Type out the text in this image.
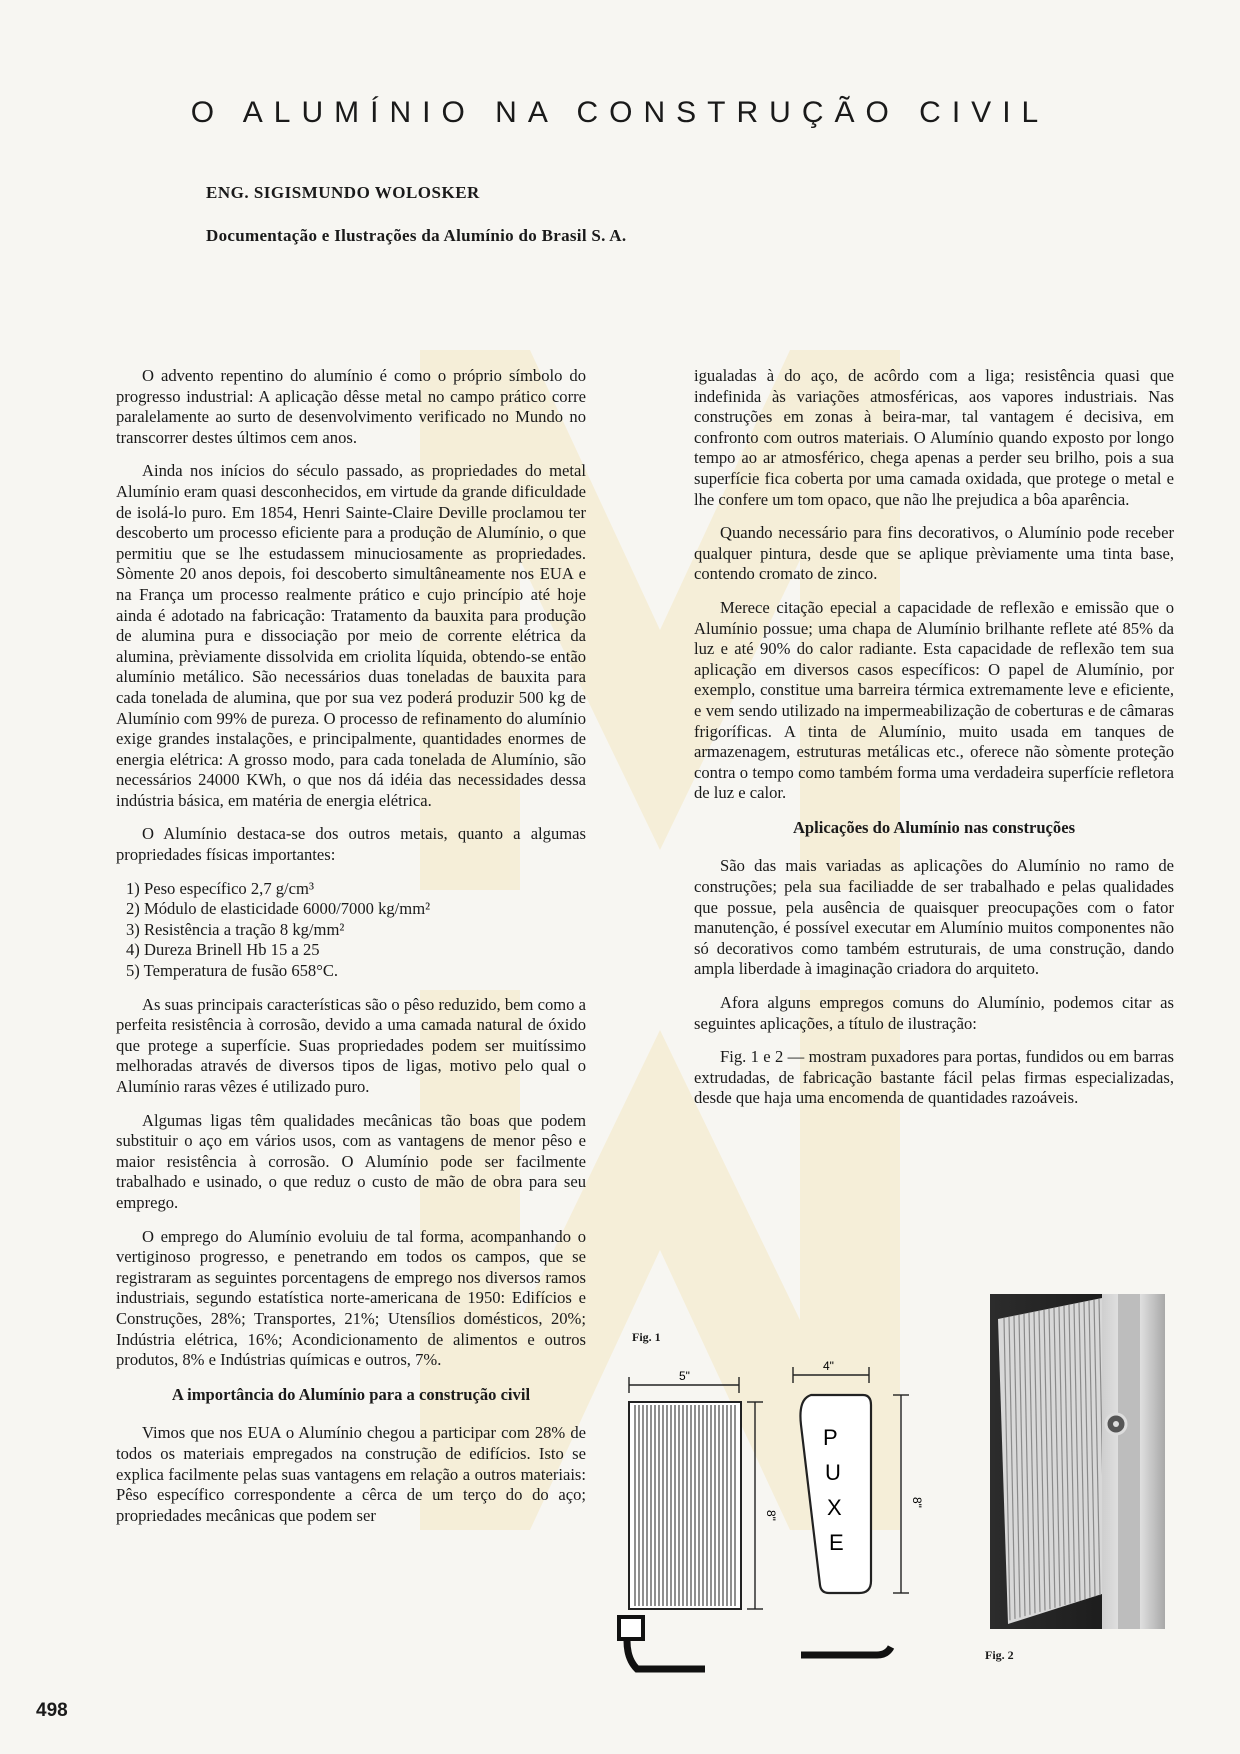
O ALUMÍNIO NA CONSTRUÇÃO CIVIL

ENG. SIGISMUNDO WOLOSKER

Documentação e Ilustrações da Alumínio do Brasil S. A.

O advento repentino do alumínio é como o próprio símbolo do progresso industrial: A aplicação dêsse metal no campo prático corre paralelamente ao surto de desenvolvimento verificado no Mundo no transcorrer destes últimos cem anos.

Ainda nos inícios do século passado, as propriedades do metal Alumínio eram quasi desconhecidos, em virtude da grande dificuldade de isolá-lo puro. Em 1854, Henri Sainte-Claire Deville proclamou ter descoberto um processo eficiente para a produção de Alumínio, o que permitiu que se lhe estudassem minuciosamente as propriedades. Sòmente 20 anos depois, foi descoberto simultâneamente nos EUA e na França um processo realmente prático e cujo princípio até hoje ainda é adotado na fabricação: Tratamento da bauxita para produção de alumina pura e dissociação por meio de corrente elétrica da alumina, prèviamente dissolvida em criolita líquida, obtendo-se então alumínio metálico. São necessários duas toneladas de bauxita para cada tonelada de alumina, que por sua vez poderá produzir 500 kg de Alumínio com 99% de pureza. O processo de refinamento do alumínio exige grandes instalações, e principalmente, quantidades enormes de energia elétrica: A grosso modo, para cada tonelada de Alumínio, são necessários 24000 KWh, o que nos dá idéia das necessidades dessa indústria básica, em matéria de energia elétrica.

O Alumínio destaca-se dos outros metais, quanto a algumas propriedades físicas importantes:

1) Peso específico 2,7 g/cm³
2) Módulo de elasticidade 6000/7000 kg/mm²
3) Resistência a tração 8 kg/mm²
4) Dureza Brinell Hb 15 a 25
5) Temperatura de fusão 658°C.

As suas principais características são o pêso reduzido, bem como a perfeita resistência à corrosão, devido a uma camada natural de óxido que protege a superfície. Suas propriedades podem ser muitíssimo melhoradas através de diversos tipos de ligas, motivo pelo qual o Alumínio raras vêzes é utilizado puro.

Algumas ligas têm qualidades mecânicas tão boas que podem substituir o aço em vários usos, com as vantagens de menor pêso e maior resistência à corrosão. O Alumínio pode ser facilmente trabalhado e usinado, o que reduz o custo de mão de obra para seu emprego.

O emprego do Alumínio evoluiu de tal forma, acompanhando o vertiginoso progresso, e penetrando em todos os campos, que se registraram as seguintes porcentagens de emprego nos diversos ramos industriais, segundo estatística norte-americana de 1950: Edifícios e Construções, 28%; Transportes, 21%; Utensílios domésticos, 20%; Indústria elétrica, 16%; Acondicionamento de alimentos e outros produtos, 8% e Indústrias químicas e outros, 7%.

A importância do Alumínio para a construção civil

Vimos que nos EUA o Alumínio chegou a participar com 28% de todos os materiais empregados na construção de edifícios. Isto se explica facilmente pelas suas vantagens em relação a outros materiais: Pêso específico correspondente a cêrca de um terço do do aço; propriedades mecânicas que podem ser

igualadas à do aço, de acôrdo com a liga; resistência quasi que indefinida às variações atmosféricas, aos vapores industriais. Nas construções em zonas à beira-mar, tal vantagem é decisiva, em confronto com outros materiais. O Alumínio quando exposto por longo tempo ao ar atmosférico, chega apenas a perder seu brilho, pois a sua superfície fica coberta por uma camada oxidada, que protege o metal e lhe confere um tom opaco, que não lhe prejudica a bôa aparência.

Quando necessário para fins decorativos, o Alumínio pode receber qualquer pintura, desde que se aplique prèviamente uma tinta base, contendo cromato de zinco.

Merece citação epecial a capacidade de reflexão e emissão que o Alumínio possue; uma chapa de Alumínio brilhante reflete até 85% da luz e até 90% do calor radiante. Esta capacidade de reflexão tem sua aplicação em diversos casos específicos: O papel de Alumínio, por exemplo, constitue uma barreira térmica extremamente leve e eficiente, e vem sendo utilizado na impermeabilização de coberturas e de câmaras frigoríficas. A tinta de Alumínio, muito usada em tanques de armazenagem, estruturas metálicas etc., oferece não sòmente proteção contra o tempo como também forma uma verdadeira superfície refletora de luz e calor.

Aplicações do Alumínio nas construções

São das mais variadas as aplicações do Alumínio no ramo de construções; pela sua faciliadde de ser trabalhado e pelas qualidades que possue, pela ausência de quaisquer preocupações com o fator manutenção, é possível executar em Alumínio muitos componentes não só decorativos como também estruturais, de uma construção, dando ampla liberdade à imaginação criadora do arquiteto.

Afora alguns empregos comuns do Alumínio, podemos citar as seguintes aplicações, a título de ilustração:

Fig. 1 e 2 — mostram puxadores para portas, fundidos ou em barras extrudadas, de fabricação bastante fácil pelas firmas especializadas, desde que haja uma encomenda de quantidades razoáveis.

Fig. 1
5"
8"
4"
P
U
X
E
8"
Fig. 2
498
